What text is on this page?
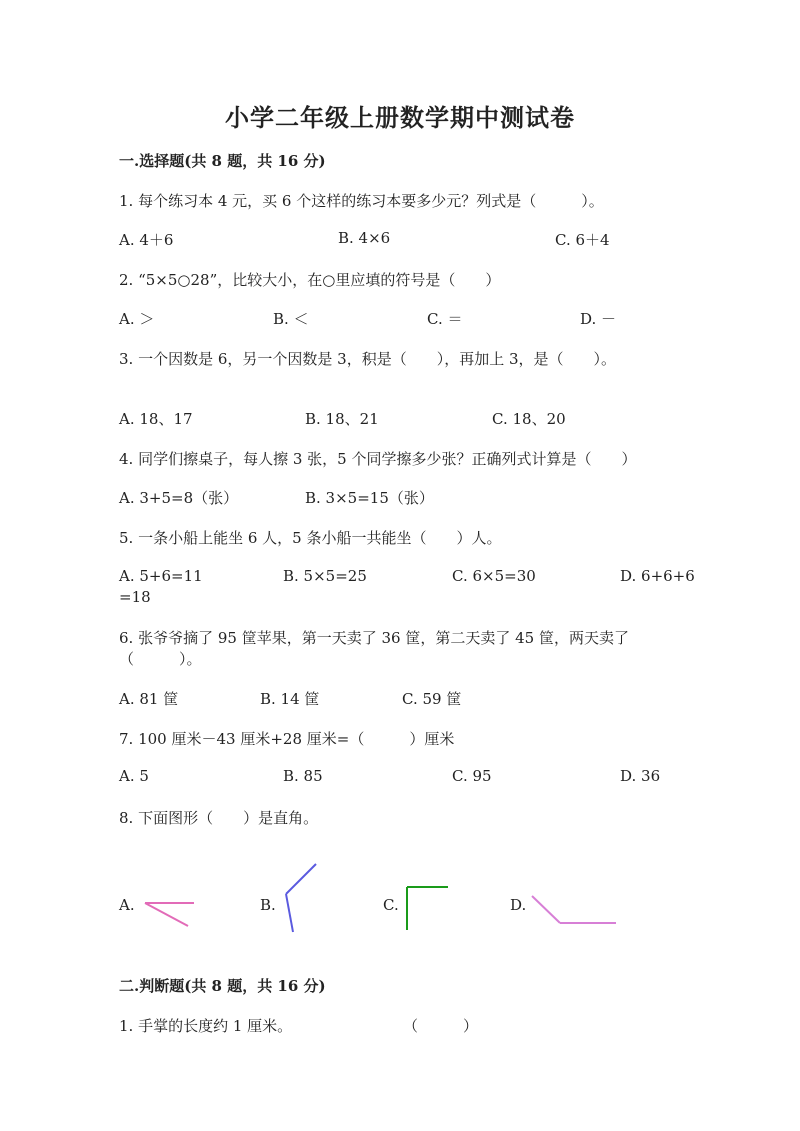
小学二年级上册数学期中测试卷
一.选择题(共 8 题，共 16 分)
1. 每个练习本 4 元，买 6 个这样的练习本要多少元？列式是（　　　）。
A. 4＋6	B. 4×6	C. 6＋4
2. “5×5○28”，比较大小，在○里应填的符号是（　　）
A. ＞	B. ＜	C. ＝	D. －
3. 一个因数是 6，另一个因数是 3，积是（　　），再加上 3，是（　　）。
A. 18、17	B. 18、21	C. 18、20
4. 同学们擦桌子，每人擦 3 张，5 个同学擦多少张？正确列式计算是（　　）
A. 3+5=8（张）	B. 3×5=15（张）
5. 一条小船上能坐 6 人，5 条小船一共能坐（　　）人。
A. 5+6=11	B. 5×5=25	C. 6×5=30	D. 6+6+6
=18
6. 张爷爷摘了 95 筐苹果，第一天卖了 36 筐，第二天卖了 45 筐，两天卖了
（　　　）。
A. 81 筐	B. 14 筐	C. 59 筐
7. 100 厘米－43 厘米+28 厘米=（　　　）厘米
A. 5	B. 85	C. 95	D. 36
8. 下面图形（　　）是直角。
A.	B.	C.	D.
二.判断题(共 8 题，共 16 分)
1. 手掌的长度约 1 厘米。	（　　　）
